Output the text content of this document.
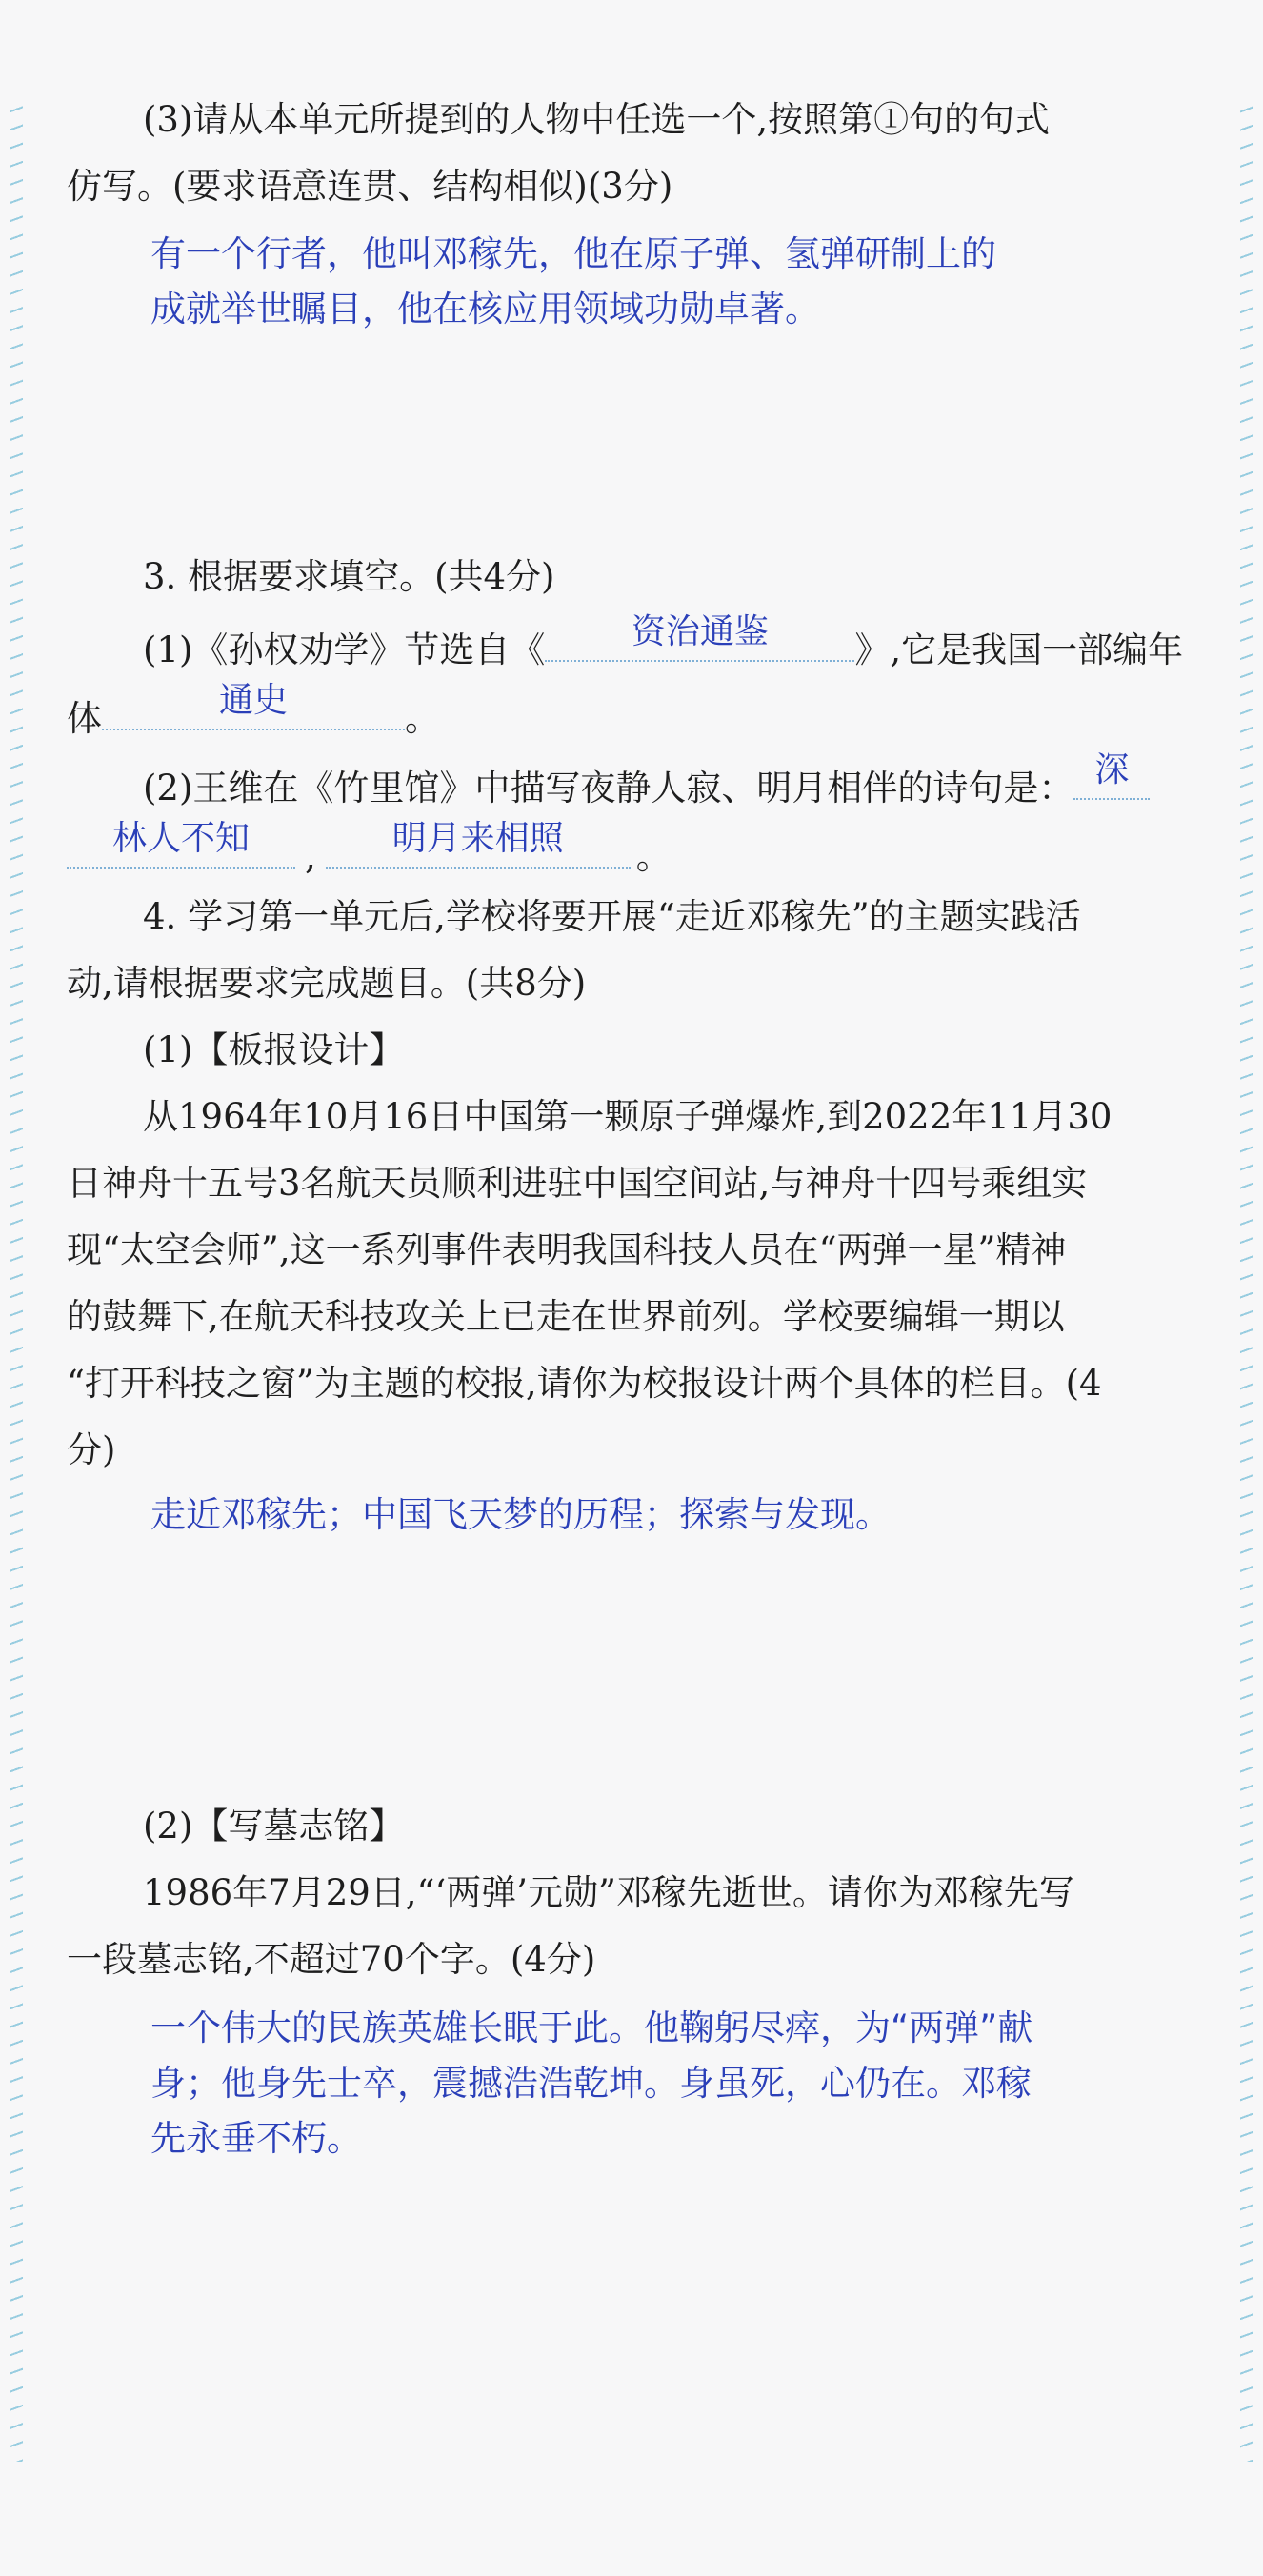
(3)请从本单元所提到的人物中任选一个,按照第①句的句式
仿写。(要求语意连贯、结构相似)(3分)
有一个行者，他叫邓稼先，他在原子弹、氢弹研制上的
成就举世瞩目，他在核应用领域功勋卓著。
3. 根据要求填空。(共4分)
(1)《孙权劝学》节选自《	资治通鉴	》,它是我国一部编年
体	通史	。
(2)王维在《竹里馆》中描写夜静人寂、明月相伴的诗句是： 深
林人不知	,	明月来相照	。
4. 学习第一单元后,学校将要开展“走近邓稼先”的主题实践活
动,请根据要求完成题目。(共8分)
(1)【板报设计】
从1964年10月16日中国第一颗原子弹爆炸,到2022年11月30
日神舟十五号3名航天员顺利进驻中国空间站,与神舟十四号乘组实
现“太空会师”,这一系列事件表明我国科技人员在“两弹一星”精神
的鼓舞下,在航天科技攻关上已走在世界前列。学校要编辑一期以
“打开科技之窗”为主题的校报,请你为校报设计两个具体的栏目。(4
分)
走近邓稼先；中国飞天梦的历程；探索与发现。
(2)【写墓志铭】
1986年7月29日,“‘两弹’元勋”邓稼先逝世。请你为邓稼先写
一段墓志铭,不超过70个字。(4分)
一个伟大的民族英雄长眠于此。他鞠躬尽瘁，为“两弹”献
身；他身先士卒，震撼浩浩乾坤。身虽死，心仍在。邓稼
先永垂不朽。
